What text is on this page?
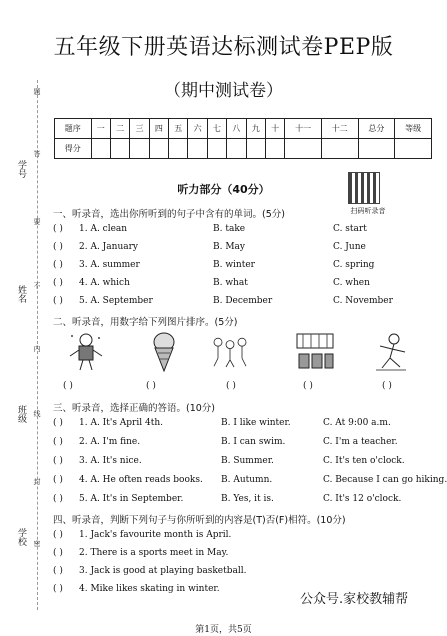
五年级下册英语达标测试卷PEP版
（期中测试卷）
学号
姓名
班级
学校
题
答
要
不
内
线
封
密
题序	一	二	三	四	五	六	七	八	九	十	十一	十二	总分	等级
得分														
听力部分（40分）
扫码听录音
一、听录音，选出你所听到的句子中含有的单词。(5分)
( ) 1. A. clean	B. take	C. start
( ) 2. A. January	B. May	C. June
( ) 3. A. summer	B. winter	C. spring
( ) 4. A. which	B. what	C. when
( ) 5. A. September	B. December	C. November
二、听录音，用数字给下列图片排序。(5分)
( )	( )	( )	( )	( )
三、听录音，选择正确的答语。(10分)
( ) 1. A. It's April 4th.	B. I like winter.	C. At 9:00 a.m.
( ) 2. A. I'm fine.	B. I can swim.	C. I'm a teacher.
( ) 3. A. It's nice.	B. Summer.	C. It's ten o'clock.
( ) 4. A. He often reads books. B. Autumn.	C. Because I can go hiking.
( ) 5. A. It's in September.	B. Yes, it is.	C. It's 12 o'clock.
四、听录音，判断下列句子与你所听到的内容是(T)否(F)相符。(10分)
( ) 1. Jack's favourite month is April.
( ) 2. There is a sports meet in May.
( ) 3. Jack is good at playing basketball.
( ) 4. Mike likes skating in winter.
公众号.家校教辅帮
第1页，共5页
